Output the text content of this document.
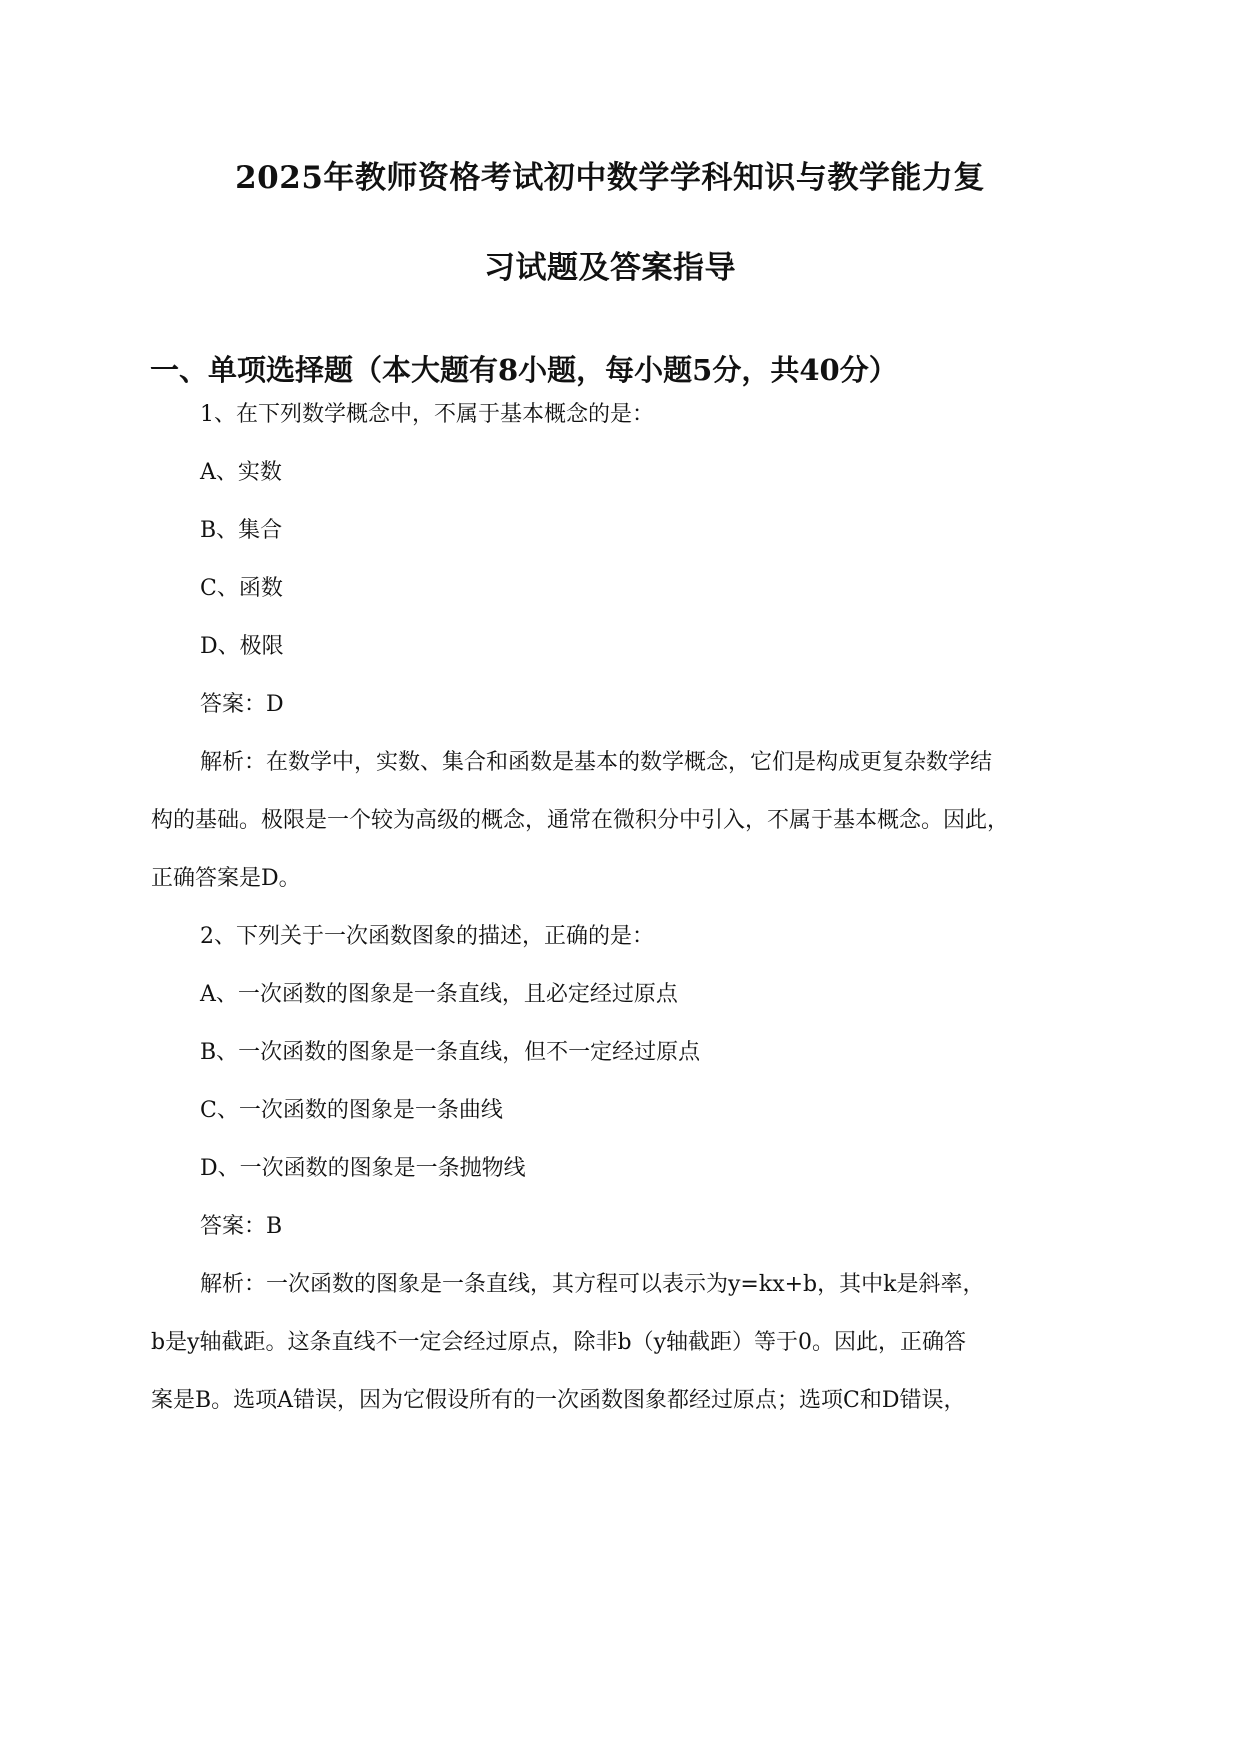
2025年教师资格考试初中数学学科知识与教学能力复
习试题及答案指导
一、单项选择题（本大题有8小题，每小题5分，共40分）
1、在下列数学概念中，不属于基本概念的是：
A、实数
B、集合
C、函数
D、极限
答案：D
解析：在数学中，实数、集合和函数是基本的数学概念，它们是构成更复杂数学结
构的基础。极限是一个较为高级的概念，通常在微积分中引入，不属于基本概念。因此，
正确答案是D。
2、下列关于一次函数图象的描述，正确的是：
A、一次函数的图象是一条直线，且必定经过原点
B、一次函数的图象是一条直线，但不一定经过原点
C、一次函数的图象是一条曲线
D、一次函数的图象是一条抛物线
答案：B
解析：一次函数的图象是一条直线，其方程可以表示为y=kx+b，其中k是斜率，
b是y轴截距。这条直线不一定会经过原点，除非b（y轴截距）等于0。因此，正确答
案是B。选项A错误，因为它假设所有的一次函数图象都经过原点；选项C和D错误，
